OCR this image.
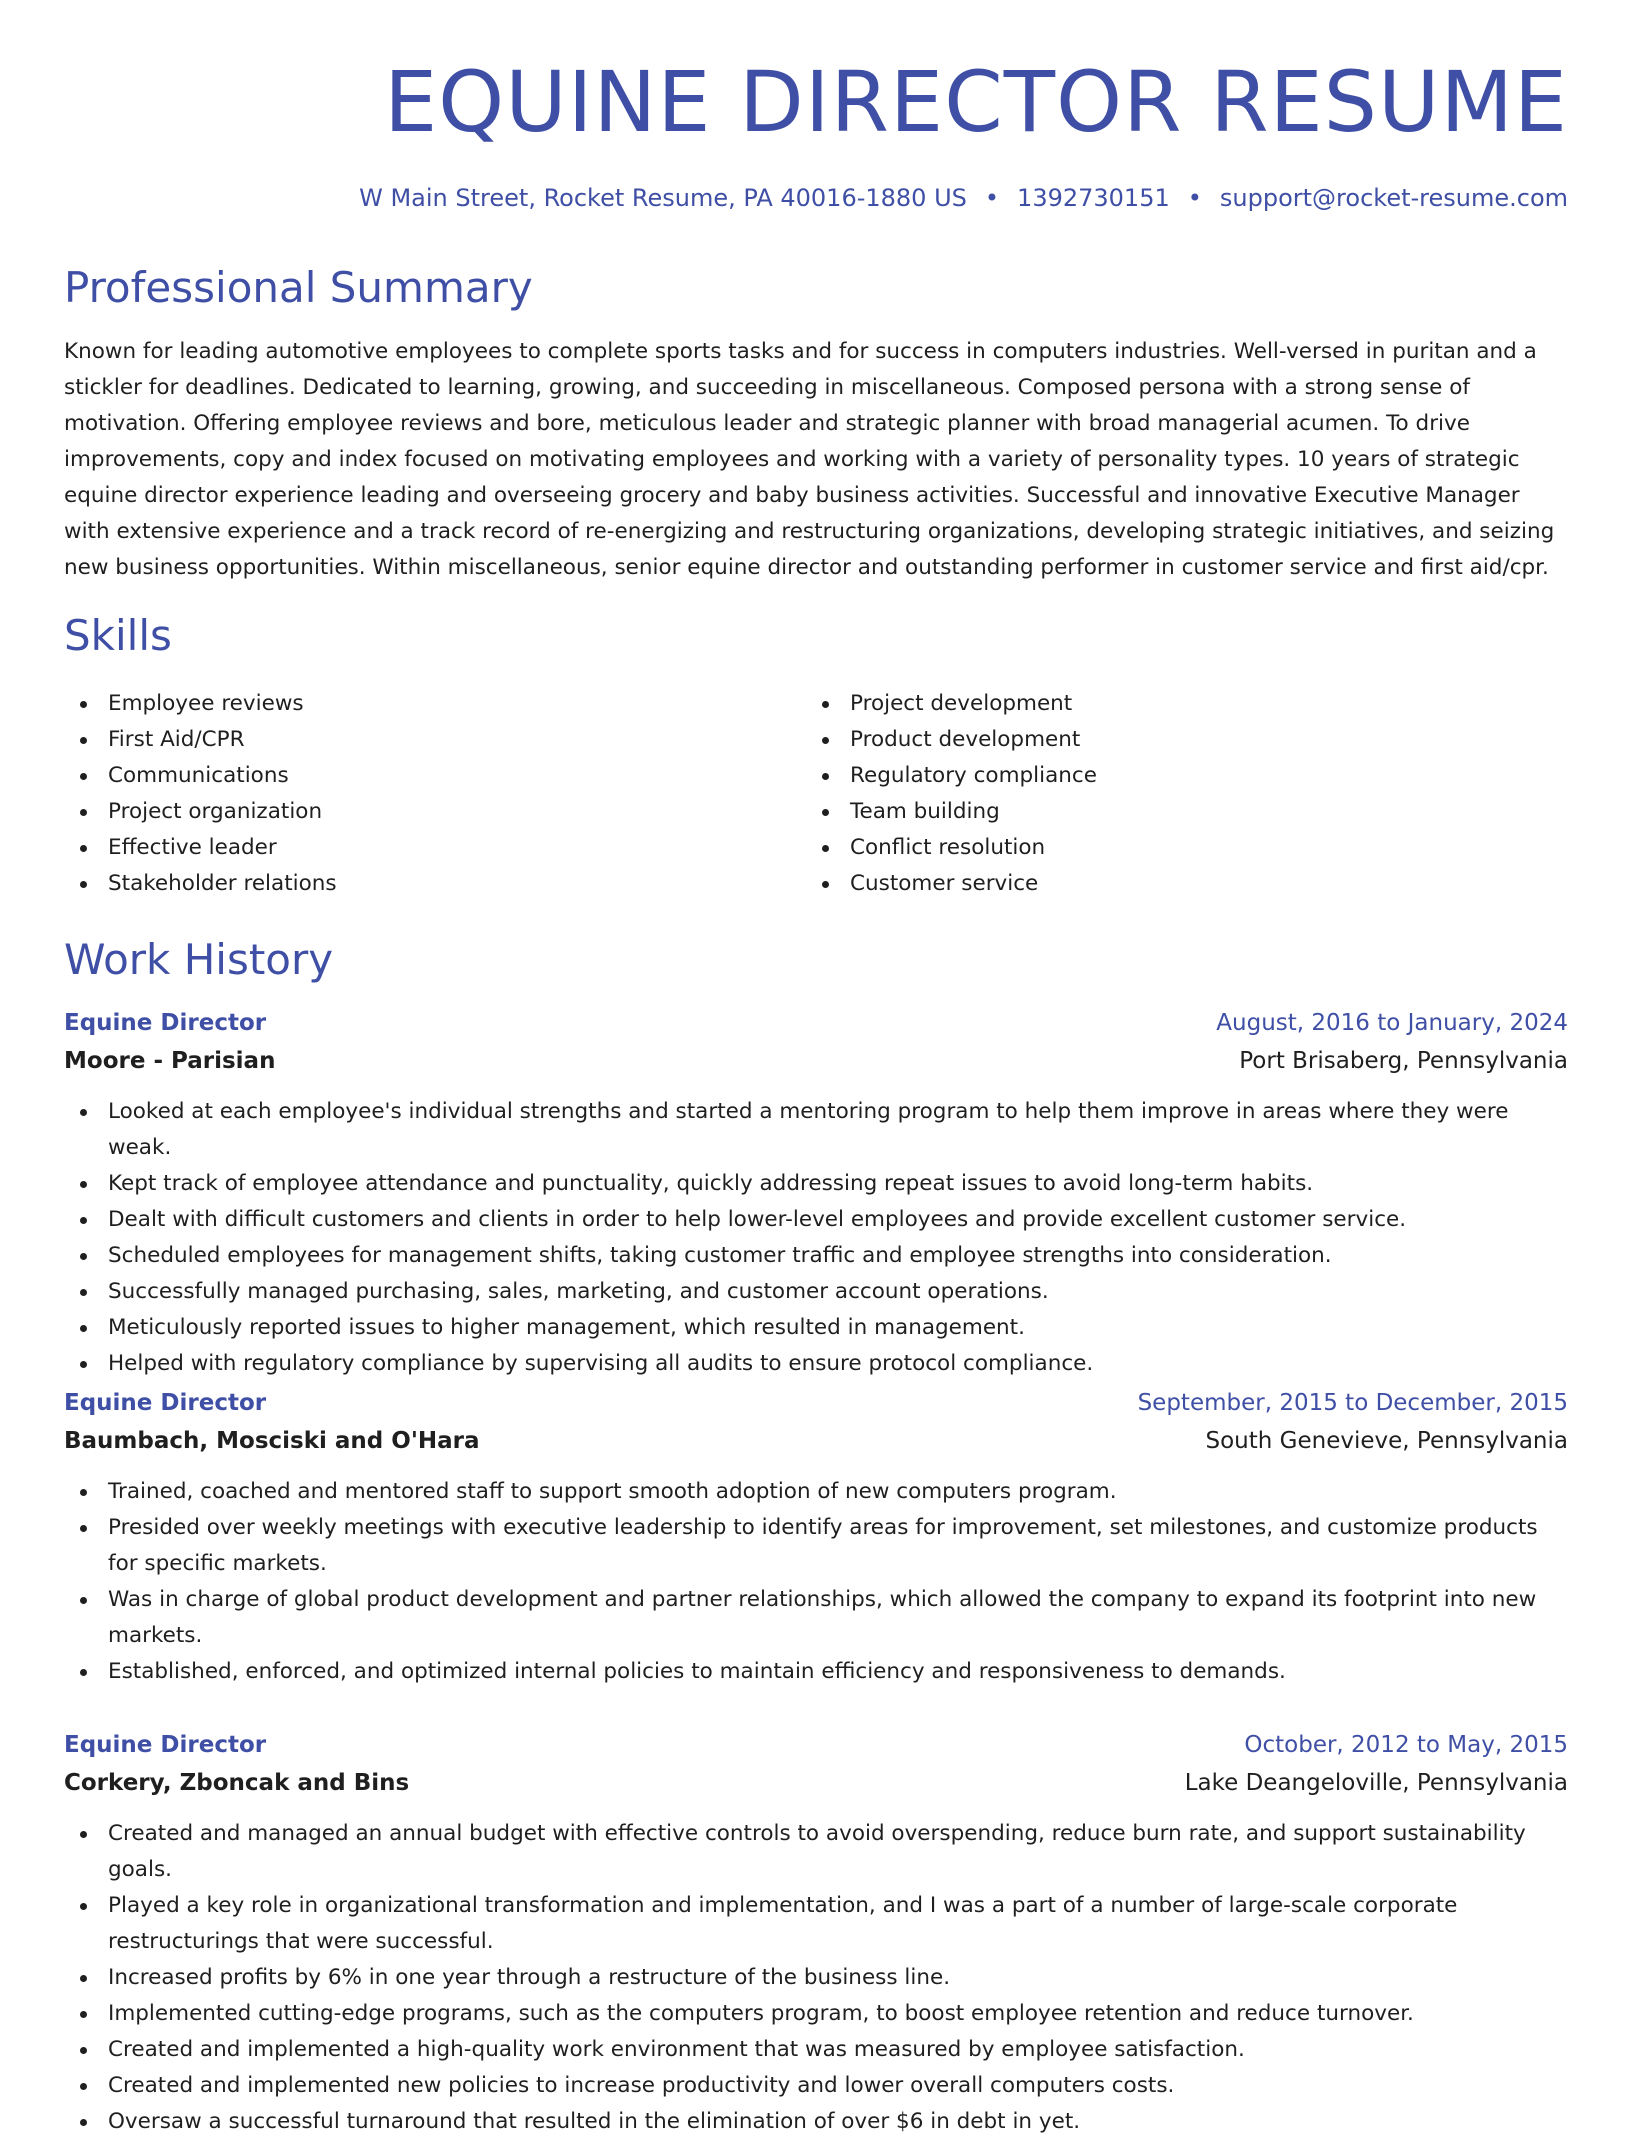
EQUINE DIRECTOR RESUME
W Main Street, Rocket Resume, PA 40016-1880 US • 1392730151 • support@rocket-resume.com
Professional Summary

Known for leading automotive employees to complete sports tasks and for success in computers industries. Well-versed in puritan and a stickler for deadlines. Dedicated to learning, growing, and succeeding in miscellaneous. Composed persona with a strong sense of motivation. Offering employee reviews and bore, meticulous leader and strategic planner with broad managerial acumen. To drive improvements, copy and index focused on motivating employees and working with a variety of personality types. 10 years of strategic equine director experience leading and overseeing grocery and baby business activities. Successful and innovative Executive Manager with extensive experience and a track record of re-energizing and restructuring organizations, developing strategic initiatives, and seizing new business opportunities. Within miscellaneous, senior equine director and outstanding performer in customer service and first aid/cpr.

Skills
Employee reviews
First Aid/CPR
Communications
Project organization
Effective leader
Stakeholder relations
Project development
Product development
Regulatory compliance
Team building
Conflict resolution
Customer service
Work History
Equine Director	August, 2016 to January, 2024
Moore - Parisian	Port Brisaberg, Pennsylvania
Looked at each employee's individual strengths and started a mentoring program to help them improve in areas where they were weak.
Kept track of employee attendance and punctuality, quickly addressing repeat issues to avoid long-term habits.
Dealt with difficult customers and clients in order to help lower-level employees and provide excellent customer service.
Scheduled employees for management shifts, taking customer traffic and employee strengths into consideration.
Successfully managed purchasing, sales, marketing, and customer account operations.
Meticulously reported issues to higher management, which resulted in management.
Helped with regulatory compliance by supervising all audits to ensure protocol compliance.
Equine Director	September, 2015 to December, 2015
Baumbach, Mosciski and O'Hara	South Genevieve, Pennsylvania
Trained, coached and mentored staff to support smooth adoption of new computers program.
Presided over weekly meetings with executive leadership to identify areas for improvement, set milestones, and customize products for specific markets.
Was in charge of global product development and partner relationships, which allowed the company to expand its footprint into new markets.
Established, enforced, and optimized internal policies to maintain efficiency and responsiveness to demands.
Equine Director	October, 2012 to May, 2015
Corkery, Zboncak and Bins	Lake Deangeloville, Pennsylvania
Created and managed an annual budget with effective controls to avoid overspending, reduce burn rate, and support sustainability goals.
Played a key role in organizational transformation and implementation, and I was a part of a number of large-scale corporate restructurings that were successful.
Increased profits by 6% in one year through a restructure of the business line.
Implemented cutting-edge programs, such as the computers program, to boost employee retention and reduce turnover.
Created and implemented a high-quality work environment that was measured by employee satisfaction.
Created and implemented new policies to increase productivity and lower overall computers costs.
Oversaw a successful turnaround that resulted in the elimination of over $6 in debt in yet.
